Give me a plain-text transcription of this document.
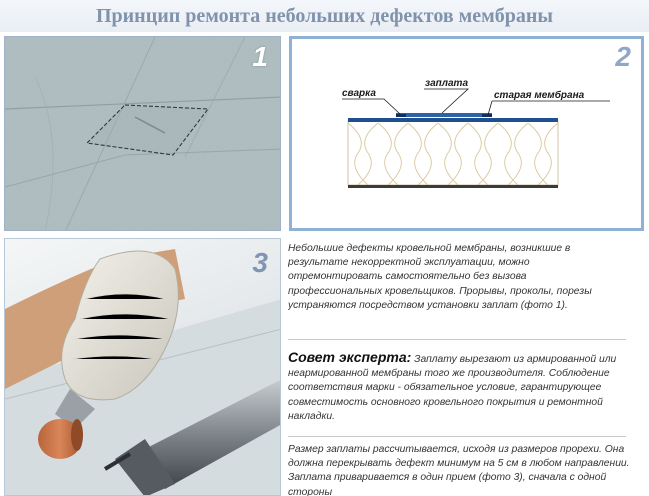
Принцип ремонта небольших дефектов мембраны
1
сварка
заплата
старая мембрана
2
3 Небольшие дефекты кровельной мембраны, возникшие в результате некорректной эксплуатации, можно отремонтировать самостоятельно без вызова профессиональных кровельщиков. Прорывы, проколы, порезы устраняются посредством установки заплат (фото 1).

Совет эксперта: Заплату вырезают из армированной или неармированной мембраны того же производителя. Соблюдение соответствия марки - обязательное условие, гарантирующее совместимость основного кровельного покрытия и ремонтной накладки.

Размер заплаты рассчитывается, исходя из размеров прорехи. Она должна перекрывать дефект минимум на 5 см в любом направлении. Заплата приваривается в один прием (фото 3), сначала с одной стороны
